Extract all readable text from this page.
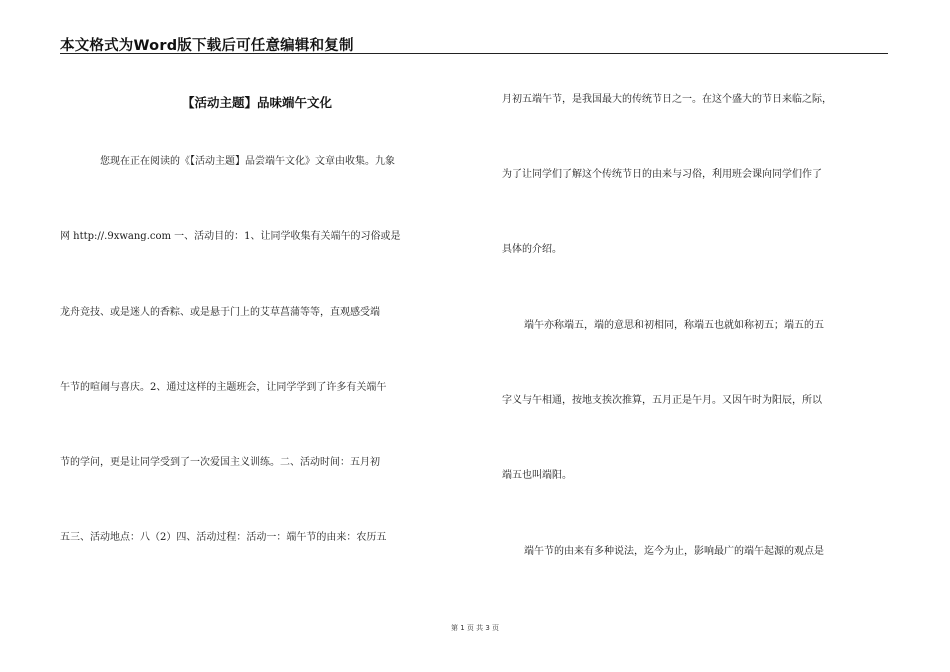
本文格式为Word版下载后可任意编辑和复制
【活动主题】品味端午文化
您现在正在阅读的《【活动主题】品尝端午文化》文章由收集。九象
网 http://.9xwang.com 一、活动目的：1、让同学收集有关端午的习俗或是
龙舟竞技、或是迷人的香粽、或是悬于门上的艾草菖蒲等等，直观感受端
午节的喧闹与喜庆。2、通过这样的主题班会，让同学学到了许多有关端午
节的学问，更是让同学受到了一次爱国主义训练。二、活动时间：五月初
五三、活动地点：八（2）四、活动过程：活动一：端午节的由来：农历五
月初五端午节，是我国最大的传统节日之一。在这个盛大的节日来临之际，
为了让同学们了解这个传统节日的由来与习俗，利用班会课向同学们作了
具体的介绍。
端午亦称端五，端的意思和初相同，称端五也就如称初五；端五的五
字义与午相通，按地支挨次推算，五月正是午月。又因午时为阳辰，所以
端五也叫端阳。
端午节的由来有多种说法，迄今为止，影响最广的端午起源的观点是
第 1 页 共 3 页
